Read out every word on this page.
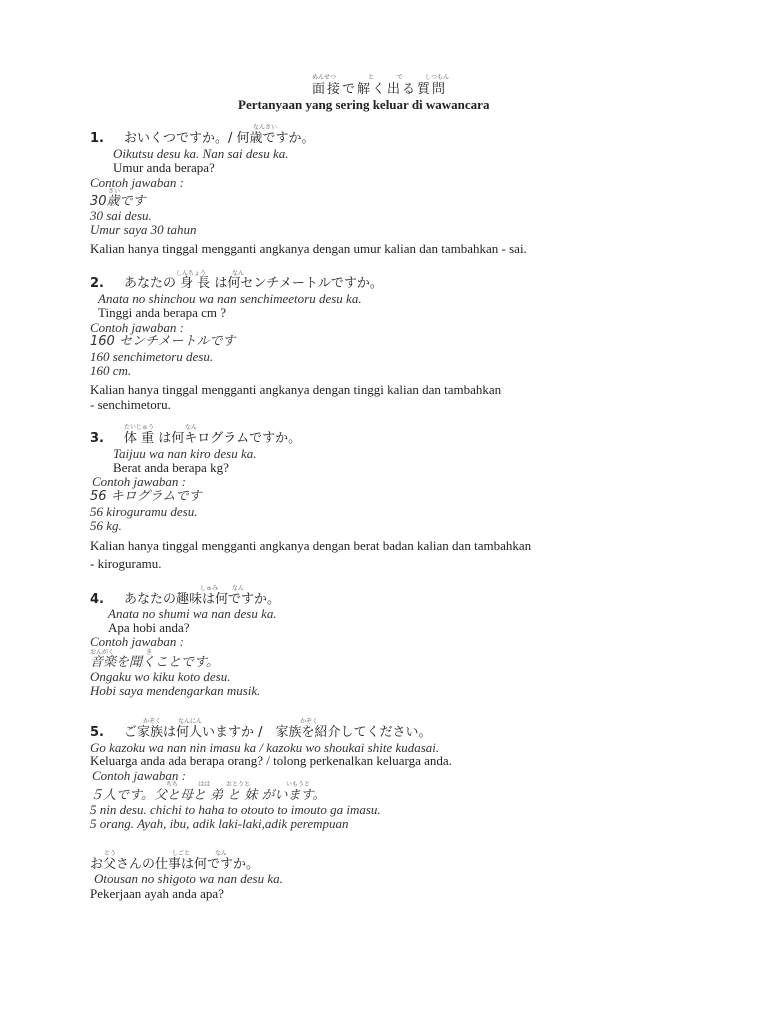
めんせつ	と	で	しつもん
面接で解く出る質問
Pertanyaan yang sering keluar di wawancara
なんさい
1. おいくつですか。/ 何歳ですか。
Oikutsu desu ka. Nan sai desu ka.
Umur anda berapa?
Contoh jawaban :
さい
30歳です
30 sai desu.
Umur saya 30 tahun
Kalian hanya tinggal mengganti angkanya dengan umur kalian dan tambahkan - sai.
しんちょう	なん
2. あなたの 身 長 は何センチメートルですか。
Anata no shinchou wa nan senchimeetoru desu ka.
Tinggi anda berapa cm ?
Contoh jawaban :
160 センチメートルです
160 senchimetoru desu.
160 cm.
Kalian hanya tinggal mengganti angkanya dengan tinggi kalian dan tambahkan
- senchimetoru.
たいじゅう	なん
3. 体 重 は何キログラムですか。
Taijuu wa nan kiro desu ka.
Berat anda berapa kg?
Contoh jawaban :
56 キログラムです
56 kiroguramu desu.
56 kg.
Kalian hanya tinggal mengganti angkanya dengan berat badan kalian dan tambahkan
- kiroguramu.
しゅみ なん
4. あなたの趣味は何ですか。
Anata no shumi wa nan desu ka.
Apa hobi anda?
Contoh jawaban :
おんがく	き
音楽を聞くことです。
Ongaku wo kiku koto desu.
Hobi saya mendengarkan musik.
かぞく	なんにん	かぞく
5. ご家族は何人いますか /　家族を紹介してください。
Go kazoku wa nan nin imasu ka / kazoku wo shoukai shite kudasai.
Keluarga anda ada berapa orang? / tolong perkenalkan keluarga anda.
Contoh jawaban :
ちち	はは	おとうと	いもうと
５人です。父と母と 弟 と 妹 がいます。
5 nin desu. chichi to haha to otouto to imouto ga imasu.
5 orang. Ayah, ibu, adik laki-laki,adik perempuan
とう	しごと	なん
お父さんの仕事は何ですか。
Otousan no shigoto wa nan desu ka.
Pekerjaan ayah anda apa?
